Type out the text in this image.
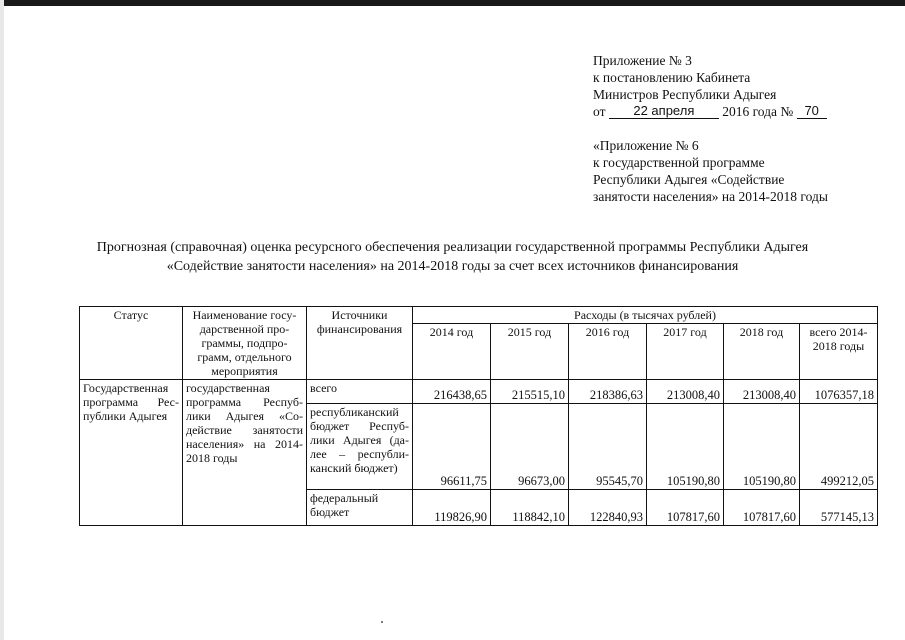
Приложение № 3
к постановлению Кабинета
Министров Республики Адыгея
от 22 апреля 2016 года № 70
«Приложение № 6
к государственной программе
Республики Адыгея «Содействие
занятости населения» на 2014-2018 годы
Прогнозная (справочная) оценка ресурсного обеспечения реализации государственной программы Республики Адыгея
«Содействие занятости населения» на 2014-2018 годы за счет всех источников финансирования
Статус	Наименование госу-дарственной про-граммы, подпро-грамм, отдельного мероприятия	Источники финансирования	Расходы (в тысячах рублей)					
			2014 год	2015 год	2016 год	2017 год	2018 год	всего 2014-2018 годы
Государственная программа Рес-публики Адыгея	государственная программа Респуб-лики Адыгея «Со-действие занятости населения» на 2014-2018 годы	всего	216438,65	215515,10	218386,63	213008,40	213008,40	1076357,18
		республиканский бюджет Респуб-лики Адыгея (да-лее – республи-канский бюджет)	96611,75	96673,00	95545,70	105190,80	105190,80	499212,05
		федеральный бюджет	119826,90	118842,10	122840,93	107817,60	107817,60	577145,13
